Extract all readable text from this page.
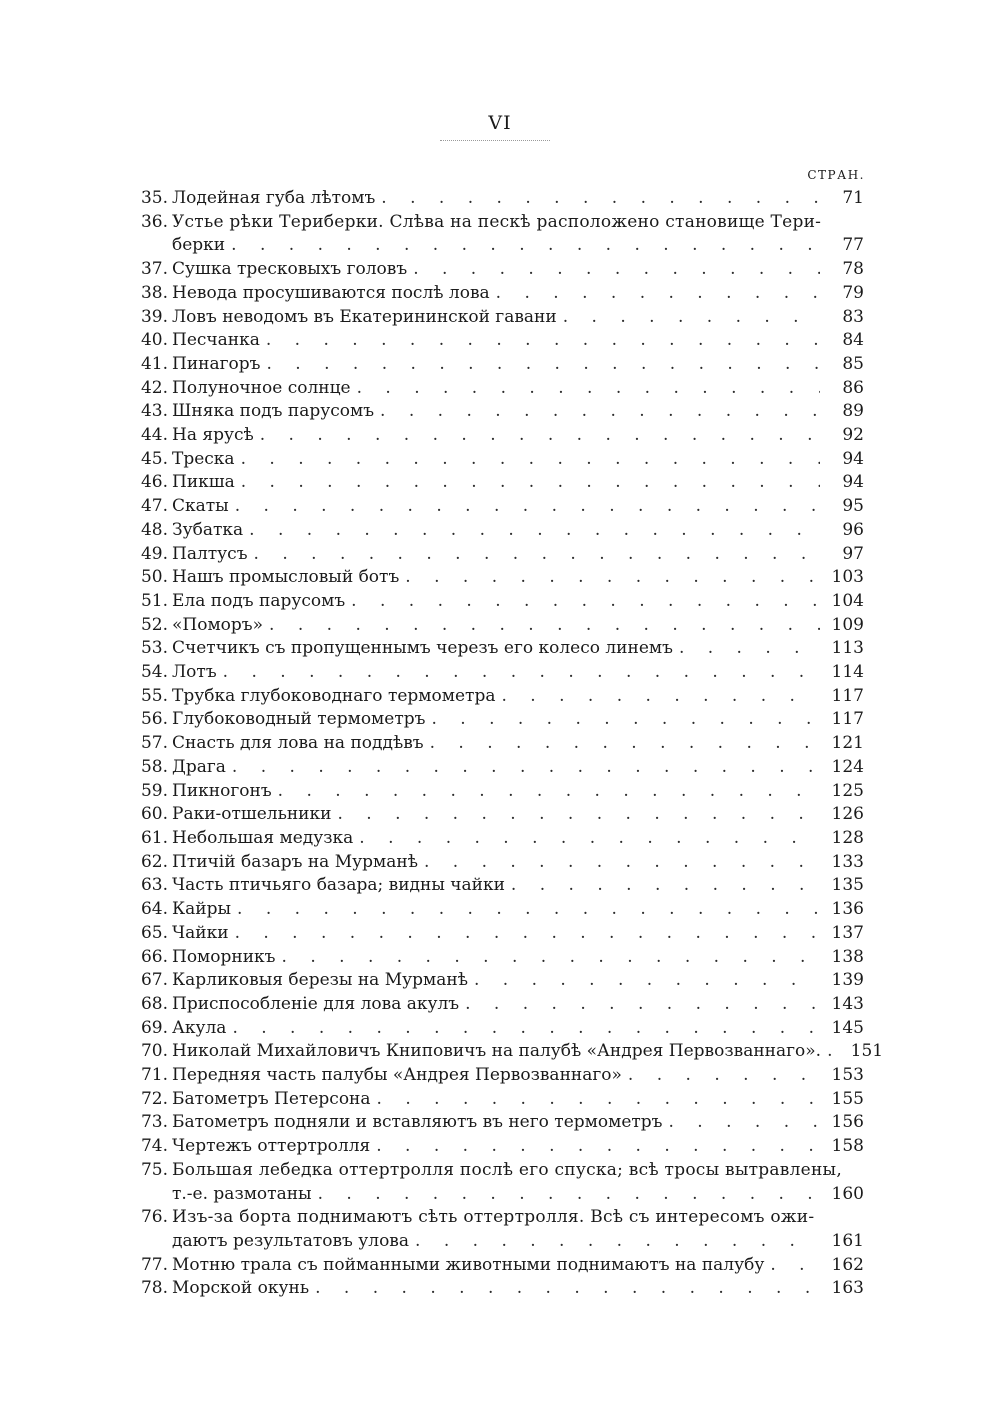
VI
СТРАН.
35. Лодейная губа лѣтомъ . . .	71
36. Устье рѣки Териберки. Слѣва на пескѣ расположено становище Тери-
берки . . .	77
37. Сушка тресковыхъ головъ . . .	78
38. Невода просушиваются послѣ лова . . .	79
39. Ловъ неводомъ въ Екатерининской гавани . . .	83
40. Песчанка . . .	84
41. Пинагоръ . . .	85
42. Полуночное солнце . . .	86
43. Шняка подъ парусомъ . . .	89
44. На ярусѣ . . .	92
45. Треска . . .	94
46. Пикша . . .	94
47. Скаты . . .	95
48. Зубатка . . .	96
49. Палтусъ . . .	97
50. Нашъ промысловый ботъ . . .	103
51. Ела подъ парусомъ . . .	104
52. «Поморъ» . . .	109
53. Счетчикъ съ пропущеннымъ черезъ его колесо линемъ . . .	113
54. Лотъ . . .	114
55. Трубка глубоководнаго термометра . . .	117
56. Глубоководный термометръ . . .	117
57. Снасть для лова на поддѣвъ . . .	121
58. Драга . . .	124
59. Пикногонъ . . .	125
60. Раки-отшельники . . .	126
61. Небольшая медузка . . .	128
62. Птичій базаръ на Мурманѣ . . .	133
63. Часть птичьяго базара; видны чайки . . .	135
64. Кайры . . .	136
65. Чайки . . .	137
66. Поморникъ . . .	138
67. Карликовыя березы на Мурманѣ . . .	139
68. Приспособленіе для лова акулъ . . .	143
69. Акула . . .	145
70. Николай Михайловичъ Книповичъ на палубѣ «Андрея Первозваннаго». . . .	151
71. Передняя часть палубы «Андрея Первозваннаго» . . .	153
72. Батометръ Петерсона . . .	155
73. Батометръ подняли и вставляютъ въ него термометръ . . .	156
74. Чертежъ оттертролля . . .	158
75. Большая лебедка оттертролля послѣ его спуска; всѣ тросы вытравлены,
т.-е. размотаны . . .	160
76. Изъ-за борта поднимаютъ сѣть оттертролля. Всѣ съ интересомъ ожи-
даютъ результатовъ улова . . .	161
77. Мотню трала съ пойманными животными поднимаютъ на палубу . . .	162
78. Морской окунь . . .	163
